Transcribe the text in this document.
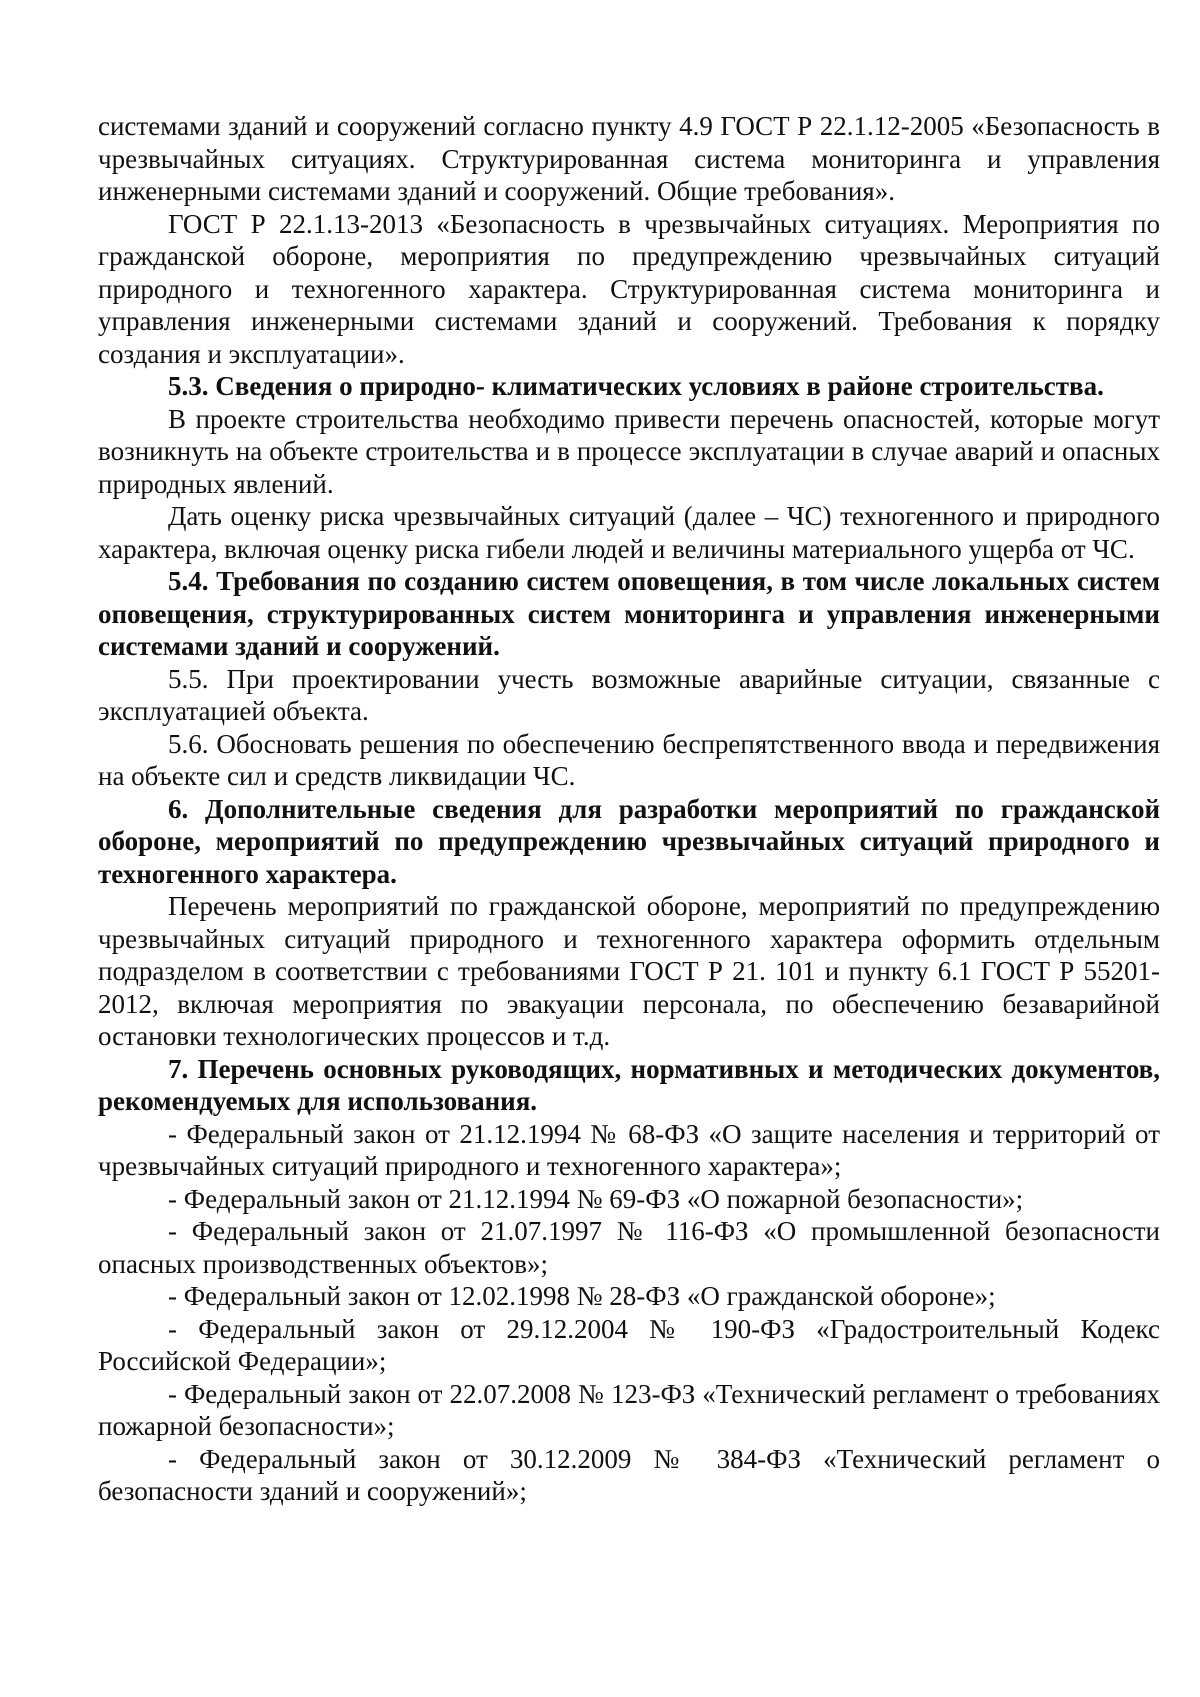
системами зданий и сооружений согласно пункту 4.9 ГОСТ Р 22.1.12-2005 «Безопасность в чрезвычайных ситуациях. Структурированная система мониторинга и управления инженерными системами зданий и сооружений. Общие требования».

ГОСТ Р 22.1.13-2013 «Безопасность в чрезвычайных ситуациях. Мероприятия по гражданской обороне, мероприятия по предупреждению чрезвычайных ситуаций природного и техногенного характера. Структурированная система мониторинга и управления инженерными системами зданий и сооружений. Требования к порядку создания и эксплуатации».

5.3. Сведения о природно- климатических условиях в районе строительства.

В проекте строительства необходимо привести перечень опасностей, которые могут возникнуть на объекте строительства и в процессе эксплуатации в случае аварий и опасных природных явлений.

Дать оценку риска чрезвычайных ситуаций (далее – ЧС) техногенного и природного характера, включая оценку риска гибели людей и величины материального ущерба от ЧС.

5.4. Требования по созданию систем оповещения, в том числе локальных систем оповещения, структурированных систем мониторинга и управления инженерными системами зданий и сооружений.

5.5. При проектировании учесть возможные аварийные ситуации, связанные с эксплуатацией объекта.

5.6. Обосновать решения по обеспечению беспрепятственного ввода и передвижения на объекте сил и средств ликвидации ЧС.

6. Дополнительные сведения для разработки мероприятий по гражданской обороне, мероприятий по предупреждению чрезвычайных ситуаций природного и техногенного характера.

Перечень мероприятий по гражданской обороне, мероприятий по предупреждению чрезвычайных ситуаций природного и техногенного характера оформить отдельным подразделом в соответствии с требованиями ГОСТ Р 21. 101 и пункту 6.1 ГОСТ Р 55201-2012, включая мероприятия по эвакуации персонала, по обеспечению безаварийной остановки технологических процессов и т.д.

7. Перечень основных руководящих, нормативных и методических документов, рекомендуемых для использования.

- Федеральный закон от 21.12.1994 № 68-ФЗ «О защите населения и территорий от чрезвычайных ситуаций природного и техногенного характера»;

- Федеральный закон от 21.12.1994 № 69-ФЗ «О пожарной безопасности»;

- Федеральный закон от 21.07.1997 № 116-ФЗ «О промышленной безопасности опасных производственных объектов»;

- Федеральный закон от 12.02.1998 № 28-ФЗ «О гражданской обороне»;

- Федеральный закон от 29.12.2004 № 190-ФЗ «Градостроительный Кодекс Российской Федерации»;

- Федеральный закон от 22.07.2008 № 123-ФЗ «Технический регламент о требованиях пожарной безопасности»;

- Федеральный закон от 30.12.2009 № 384-ФЗ «Технический регламент о безопасности зданий и сооружений»;
